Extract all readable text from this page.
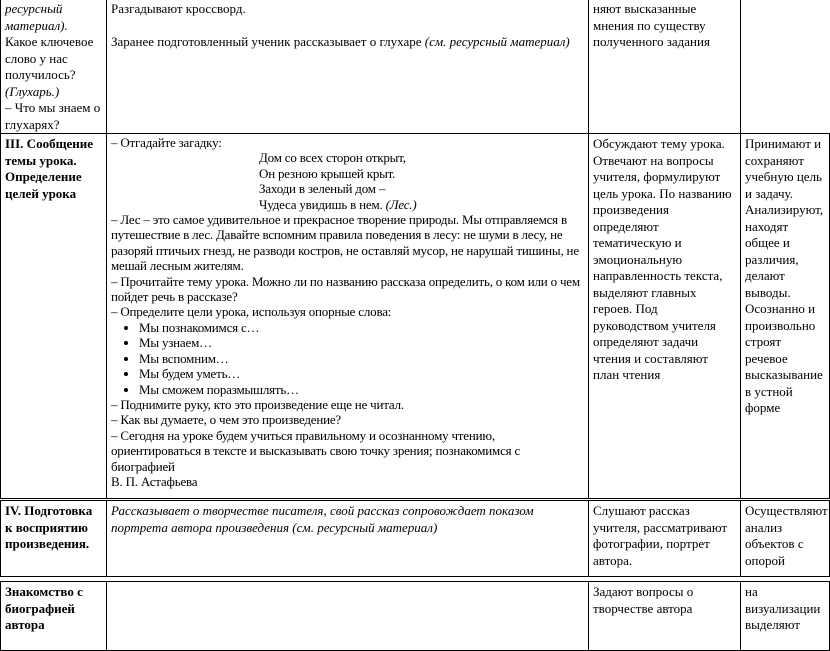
ресурсный материал).

Какое ключевое слово у нас получилось?

(Глухарь.)

– Что мы знаем о глухарях?

Разгадывают кроссворд.

Заранее подготовленный ученик рассказывает о глухаре (см. ресурсный материал)

няют высказанные мнения по существу полученного задания

III. Сообщение темы урока. Определение целей урока

– Отгадайте загадку:

Дом со всех сторон открыт,

Он резною крышей крыт.

Заходи в зеленый дом –

Чудеса увидишь в нем. (Лес.)

– Лес – это самое удивительное и прекрасное творение природы. Мы отправляемся в путешествие в лес. Давайте вспомним правила поведения в лесу: не шуми в лесу, не разоряй птичьих гнезд, не разводи костров, не оставляй мусор, не нарушай тишины, не мешай лесным жителям.

– Прочитайте тему урока. Можно ли по названию рассказа определить, о ком или о чем пойдет речь в рассказе?

– Определите цели урока, используя опорные слова:

• Мы познакомимся с…
• Мы узнаем…
• Мы вспомним…
• Мы будем уметь…
• Мы сможем поразмышлять…

– Поднимите руку, кто это произведение еще не читал.

– Как вы думаете, о чем это произведение?

– Сегодня на уроке будем учиться правильному и осознанному чтению, ориентироваться в тексте и высказывать свою точку зрения; познакомимся с биографией

В. П. Астафьева

Обсуждают тему урока. Отвечают на вопросы учителя, формулируют цель урока. По названию произведения определяют тематическую и эмоциональную направленность текста, выделяют главных героев. Под руководством учителя определяют задачи чтения и составляют план чтения

Принимают и сохраняют учебную цель и задачу. Анализируют, находят общее и различия, делают выводы. Осознанно и произвольно строят речевое высказывание в устной форме

IV. Подготовка к восприятию произведения.

Рассказывает о творчестве писателя, свой рассказ сопровождает показом портрета автора произведения (см. ресурсный материал)

Слушают рассказ учителя, рассматривают фотографии, портрет автора.

Осуществляют анализ объектов с опорой

Знакомство с биографией автора

Задают вопросы о творчестве автора

на визуализации выделяют
